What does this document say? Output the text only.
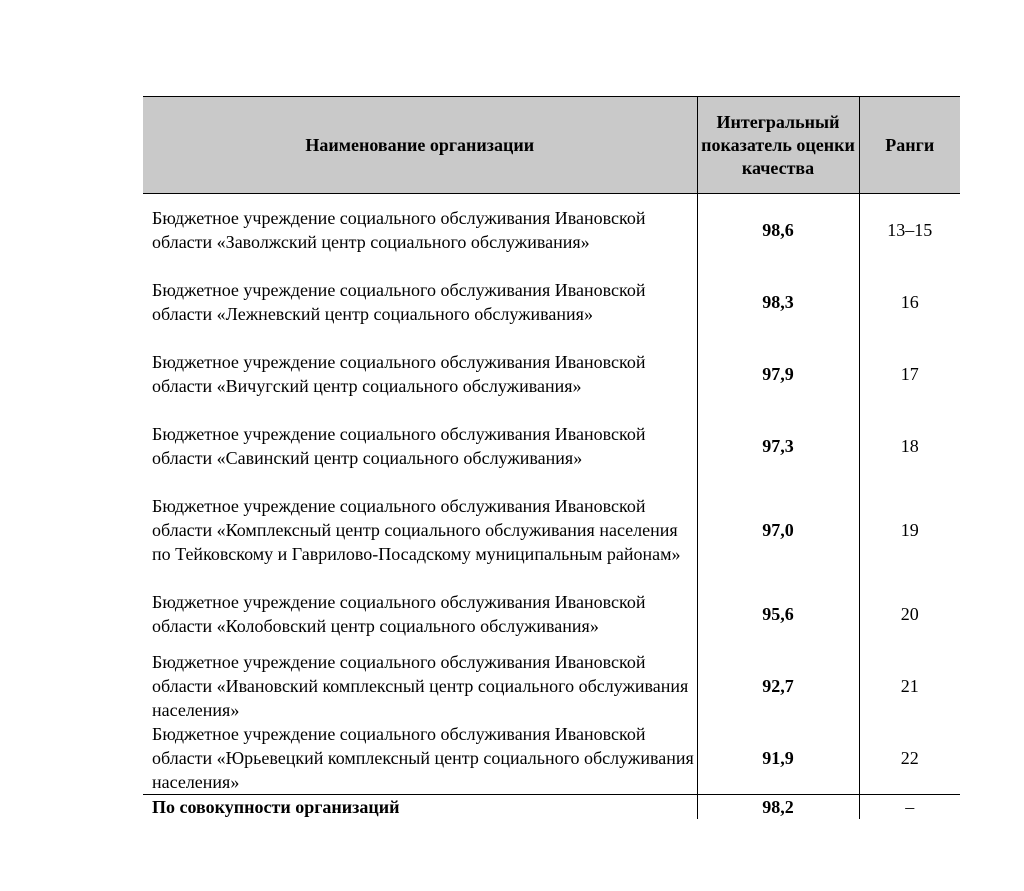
Наименование организации	Интегральный показатель оценки качества	Ранги
Бюджетное учреждение социального обслуживания Ивановской области «Заволжский центр социального обслуживания»	98,6	13–15
Бюджетное учреждение социального обслуживания Ивановской области «Лежневский центр социального обслуживания»	98,3	16
Бюджетное учреждение социального обслуживания Ивановской области «Вичугский центр социального обслуживания»	97,9	17
Бюджетное учреждение социального обслуживания Ивановской области «Савинский центр социального обслуживания»	97,3	18
Бюджетное учреждение социального обслуживания Ивановской области «Комплексный центр социального обслуживания населения по Тейковскому и Гаврилово-Посадскому муниципальным районам»	97,0	19
Бюджетное учреждение социального обслуживания Ивановской области «Колобовский центр социального обслуживания»	95,6	20
Бюджетное учреждение социального обслуживания Ивановской области «Ивановский комплексный центр социального обслуживания населения»	92,7	21
Бюджетное учреждение социального обслуживания Ивановской области «Юрьевецкий комплексный центр социального обслуживания населения»	91,9	22
По совокупности организаций	98,2	–
